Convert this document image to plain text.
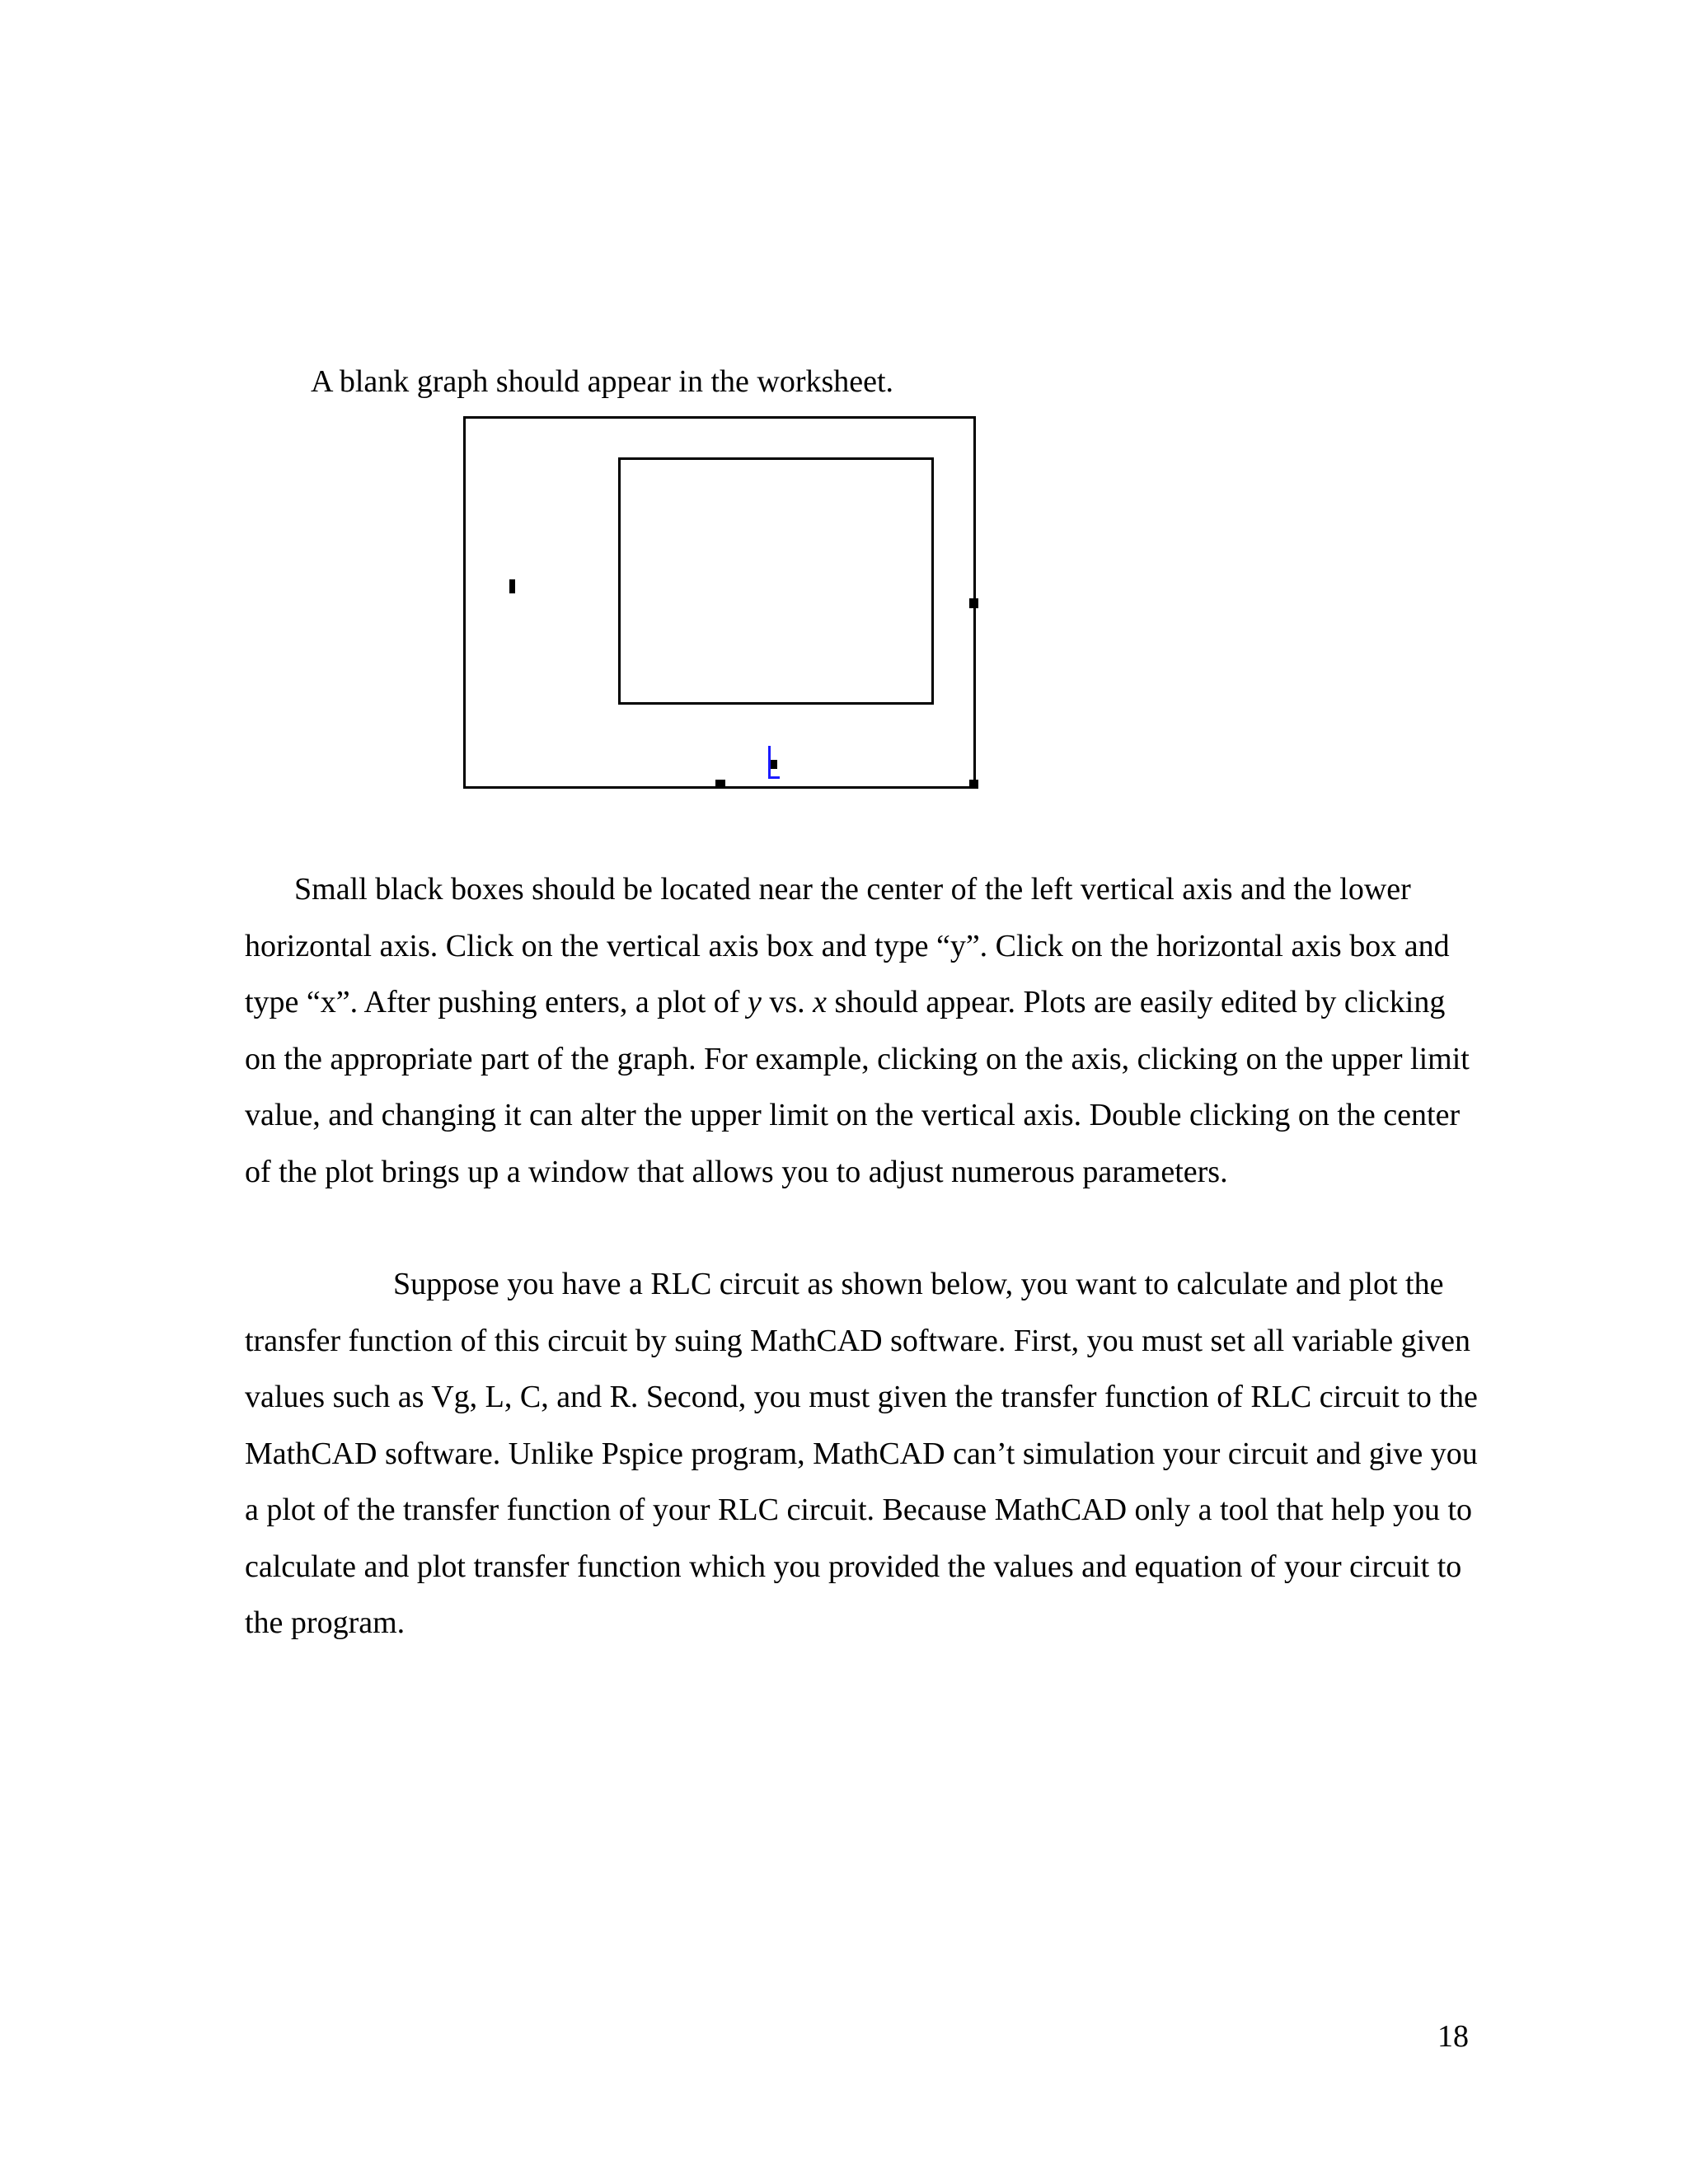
A blank graph should appear in the worksheet.

Small black boxes should be located near the center of the left vertical axis and the lower horizontal axis. Click on the vertical axis box and type “y”. Click on the horizontal axis box and type “x”. After pushing enters, a plot of y vs. x should appear. Plots are easily edited by clicking on the appropriate part of the graph. For example, clicking on the axis, clicking on the upper limit value, and changing it can alter the upper limit on the vertical axis. Double clicking on the center of the plot brings up a window that allows you to adjust numerous parameters.

Suppose you have a RLC circuit as shown below, you want to calculate and plot the transfer function of this circuit by suing MathCAD software. First, you must set all variable given values such as Vg, L, C, and R. Second, you must given the transfer function of RLC circuit to the MathCAD software. Unlike Pspice program, MathCAD can’t simulation your circuit and give you a plot of the transfer function of your RLC circuit. Because MathCAD only a tool that help you to calculate and plot transfer function which you provided the values and equation of your circuit to the program.

18
